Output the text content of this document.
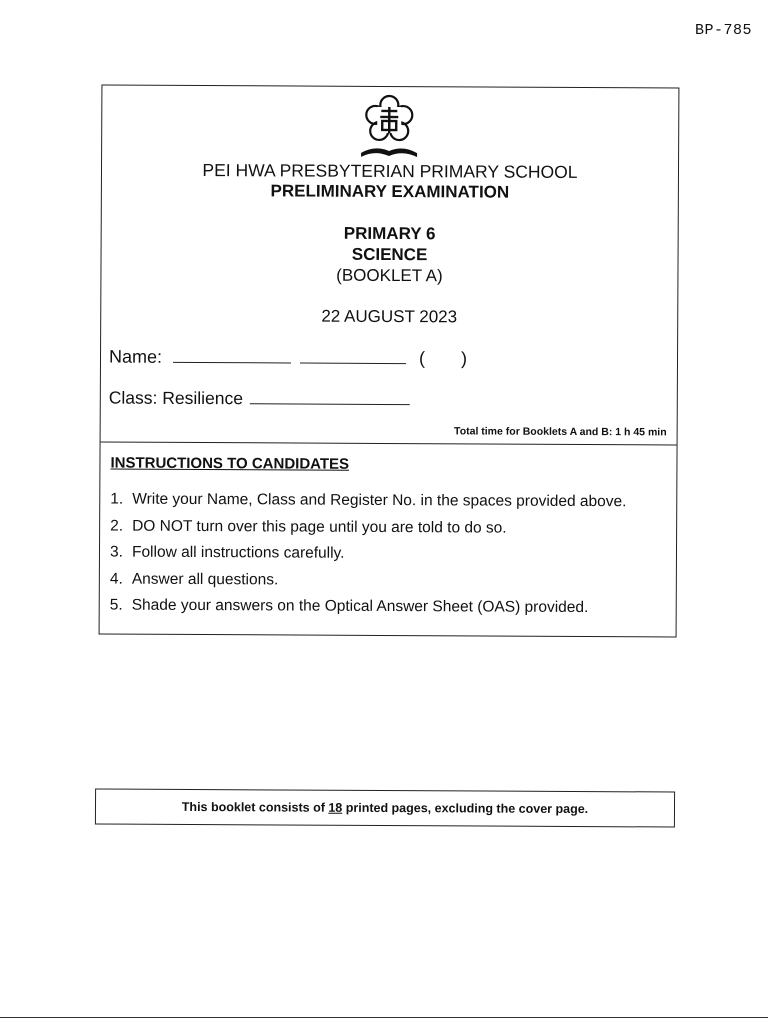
BP-785
PEI HWA PRESBYTERIAN PRIMARY SCHOOL
PRELIMINARY EXAMINATION
PRIMARY 6
SCIENCE
(BOOKLET A)
22 AUGUST 2023
Name:	( )
Class: Resilience
Total time for Booklets A and B: 1 h 45 min
INSTRUCTIONS TO CANDIDATES
1. Write your Name, Class and Register No. in the spaces provided above.
2. DO NOT turn over this page until you are told to do so.
3. Follow all instructions carefully.
4. Answer all questions.
5. Shade your answers on the Optical Answer Sheet (OAS) provided.
This booklet consists of 18 printed pages, excluding the cover page.
